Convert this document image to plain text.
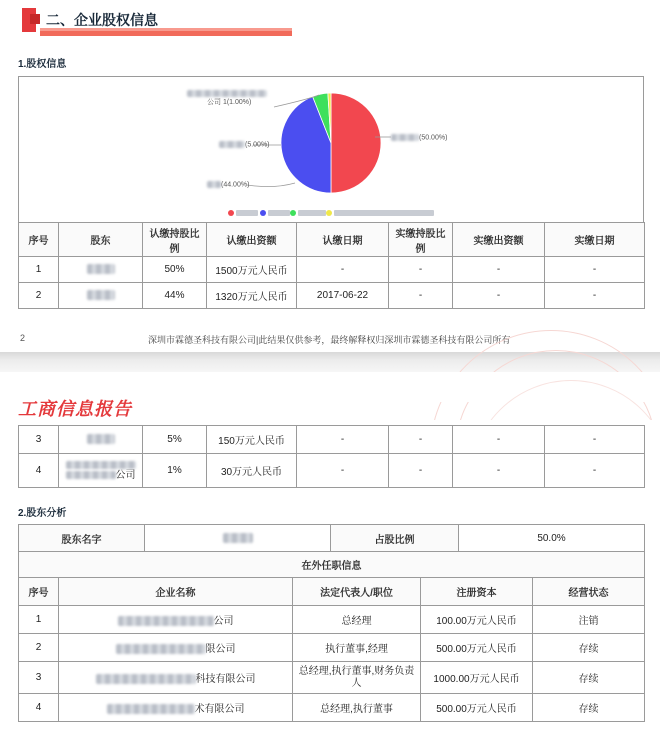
二、企业股权信息
1.股权信息

公司 1(1.00%)
(5.00%)
(44.00%)
(50.00%)
序号	股东	认缴持股比例	认缴出资额	认缴日期	实缴持股比例	实缴出资额	实缴日期
1		50%	1500万元人民币	-	-	-	-
2		44%	1320万元人民币	2017-06-22	-	-	-
2	深圳市霖德圣科技有限公司|此结果仅供参考，最终解释权归深圳市霖德圣科技有限公司所有
工商信息报告
3		5%	150万元人民币	-	-	-	-
4	公司	1%	30万元人民币	-	-	-	-
2.股东分析
股东名字		占股比例	50.0%
在外任职信息				
序号	企业名称	法定代表人/职位	注册资本	经营状态
1	公司	总经理	100.00万元人民币	注销
2	限公司	执行董事,经理	500.00万元人民币	存续
3	科技有限公司	总经理,执行董事,财务负责人	1000.00万元人民币	存续
4	术有限公司	总经理,执行董事	500.00万元人民币	存续
